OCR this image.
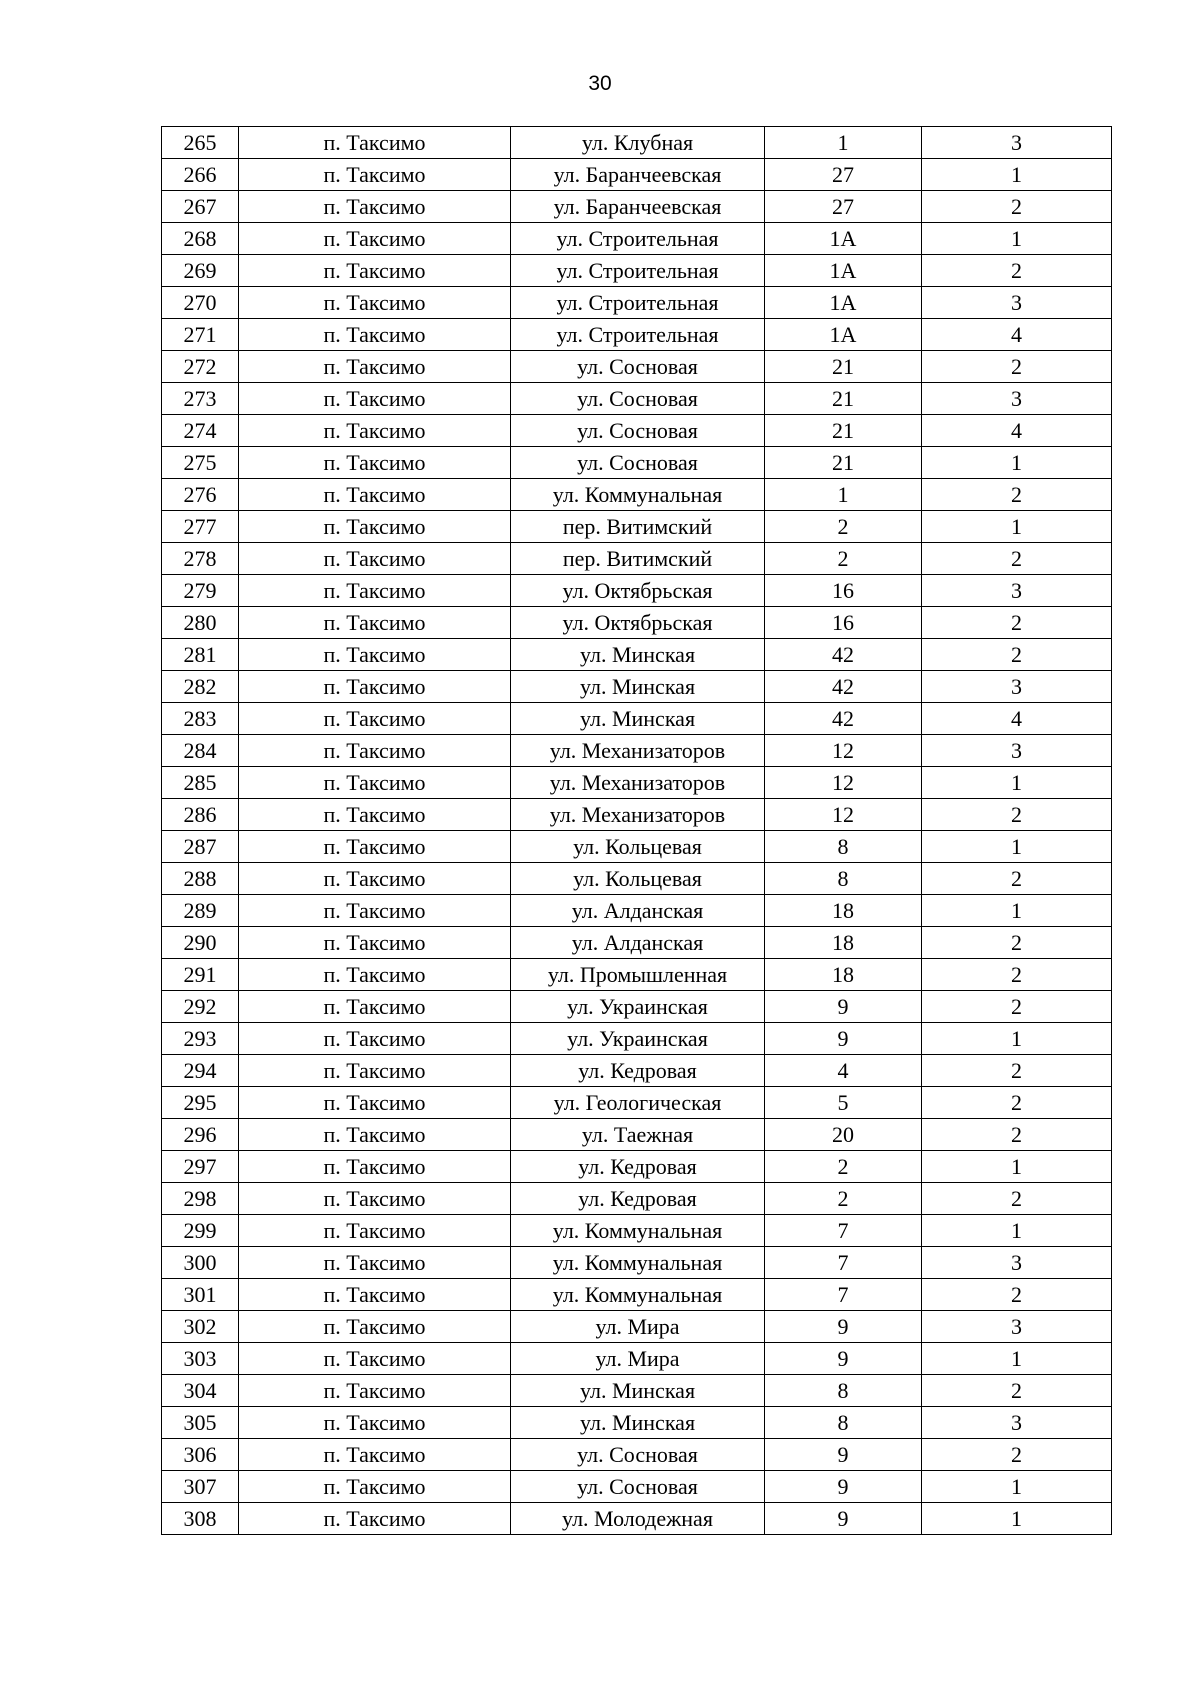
30
265	п. Таксимо	ул. Клубная	1	3
266	п. Таксимо	ул. Баранчеевская	27	1
267	п. Таксимо	ул. Баранчеевская	27	2
268	п. Таксимо	ул. Строительная	1А	1
269	п. Таксимо	ул. Строительная	1А	2
270	п. Таксимо	ул. Строительная	1А	3
271	п. Таксимо	ул. Строительная	1А	4
272	п. Таксимо	ул. Сосновая	21	2
273	п. Таксимо	ул. Сосновая	21	3
274	п. Таксимо	ул. Сосновая	21	4
275	п. Таксимо	ул. Сосновая	21	1
276	п. Таксимо	ул. Коммунальная	1	2
277	п. Таксимо	пер. Витимский	2	1
278	п. Таксимо	пер. Витимский	2	2
279	п. Таксимо	ул. Октябрьская	16	3
280	п. Таксимо	ул. Октябрьская	16	2
281	п. Таксимо	ул. Минская	42	2
282	п. Таксимо	ул. Минская	42	3
283	п. Таксимо	ул. Минская	42	4
284	п. Таксимо	ул. Механизаторов	12	3
285	п. Таксимо	ул. Механизаторов	12	1
286	п. Таксимо	ул. Механизаторов	12	2
287	п. Таксимо	ул. Кольцевая	8	1
288	п. Таксимо	ул. Кольцевая	8	2
289	п. Таксимо	ул. Алданская	18	1
290	п. Таксимо	ул. Алданская	18	2
291	п. Таксимо	ул. Промышленная	18	2
292	п. Таксимо	ул. Украинская	9	2
293	п. Таксимо	ул. Украинская	9	1
294	п. Таксимо	ул. Кедровая	4	2
295	п. Таксимо	ул. Геологическая	5	2
296	п. Таксимо	ул. Таежная	20	2
297	п. Таксимо	ул. Кедровая	2	1
298	п. Таксимо	ул. Кедровая	2	2
299	п. Таксимо	ул. Коммунальная	7	1
300	п. Таксимо	ул. Коммунальная	7	3
301	п. Таксимо	ул. Коммунальная	7	2
302	п. Таксимо	ул. Мира	9	3
303	п. Таксимо	ул. Мира	9	1
304	п. Таксимо	ул. Минская	8	2
305	п. Таксимо	ул. Минская	8	3
306	п. Таксимо	ул. Сосновая	9	2
307	п. Таксимо	ул. Сосновая	9	1
308	п. Таксимо	ул. Молодежная	9	1
